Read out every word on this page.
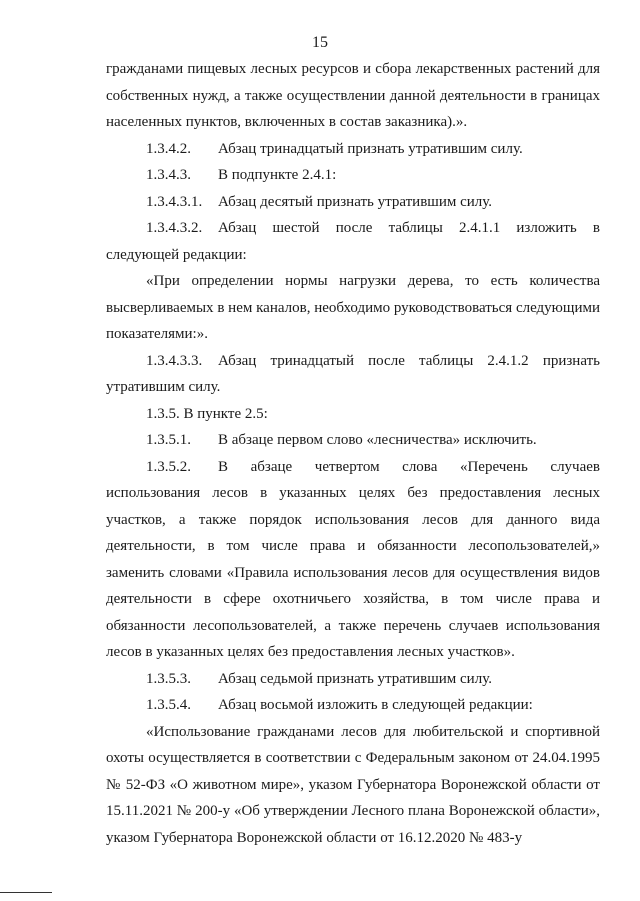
15

гражданами пищевых лесных ресурсов и сбора лекарственных растений для собственных нужд, а также осуществлении данной деятельности в границах населенных пунктов, включенных в состав заказника).».

1.3.4.2.	Абзац тринадцатый признать утратившим силу.
1.3.4.3.	В подпункте 2.4.1:
1.3.4.3.1.	Абзац десятый признать утратившим силу.

1.3.4.3.2. Абзац шестой после таблицы 2.4.1.1 изложить в следующей редакции:

«При определении нормы нагрузки дерева, то есть количества высверливаемых в нем каналов, необходимо руководствоваться следующими показателями:».

1.3.4.3.3. Абзац тринадцатый после таблицы 2.4.1.2 признать утратившим силу.

1.3.5. В пункте 2.5:

1.3.5.1.	В абзаце первом слово «лесничества» исключить.

1.3.5.2. В абзаце четвертом слова «Перечень случаев использования лесов в указанных целях без предоставления лесных участков, а также порядок использования лесов для данного вида деятельности, в том числе права и обязанности лесопользователей,» заменить словами «Правила использования лесов для осуществления видов деятельности в сфере охотничьего хозяйства, в том числе права и обязанности лесопользователей, а также перечень случаев использования лесов в указанных целях без предоставления лесных участков».

1.3.5.3.	Абзац седьмой признать утратившим силу.
1.3.5.4.	Абзац восьмой изложить в следующей редакции:

«Использование гражданами лесов для любительской и спортивной охоты осуществляется в соответствии с Федеральным законом от 24.04.1995 № 52-ФЗ «О животном мире», указом Губернатора Воронежской области от 15.11.2021 № 200-у «Об утверждении Лесного плана Воронежской области», указом Губернатора Воронежской области от 16.12.2020 № 483-у
